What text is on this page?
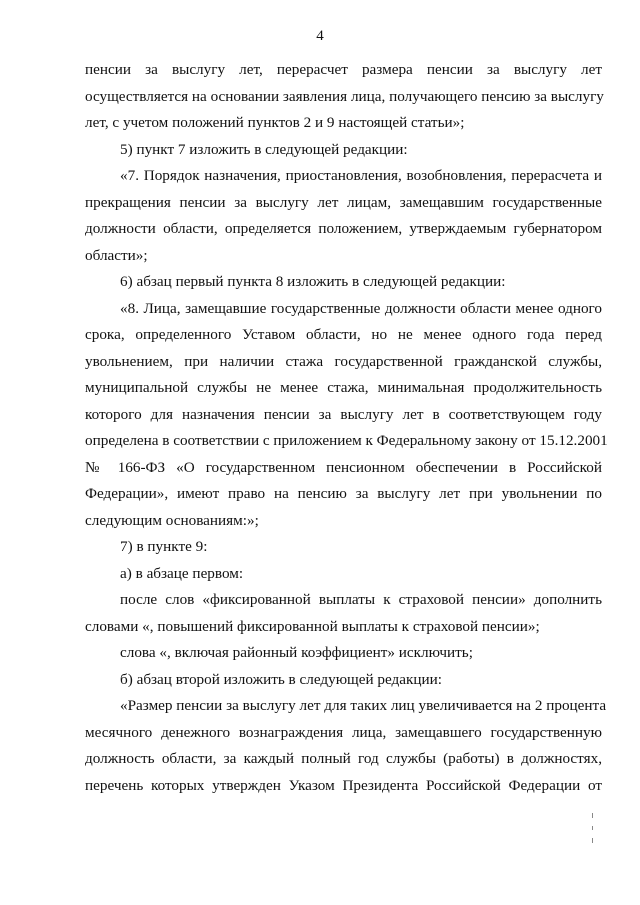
4
пенсии за выслугу лет, перерасчет размера пенсии за выслугу лет
осуществляется на основании заявления лица, получающего пенсию за выслугу
лет, с учетом положений пунктов 2 и 9 настоящей статьи»;
5) пункт 7 изложить в следующей редакции:
«7. Порядок назначения, приостановления, возобновления, перерасчета и
прекращения пенсии за выслугу лет лицам, замещавшим государственные
должности области, определяется положением, утверждаемым губернатором
области»;
6) абзац первый пункта 8 изложить в следующей редакции:
«8. Лица, замещавшие государственные должности области менее одного
срока, определенного Уставом области, но не менее одного года перед
увольнением, при наличии стажа государственной гражданской службы,
муниципальной службы не менее стажа, минимальная продолжительность
которого для назначения пенсии за выслугу лет в соответствующем году
определена в соответствии с приложением к Федеральному закону от 15.12.2001
№ 166-ФЗ «О государственном пенсионном обеспечении в Российской
Федерации», имеют право на пенсию за выслугу лет при увольнении по
следующим основаниям:»;
7) в пункте 9:
а) в абзаце первом:
после слов «фиксированной выплаты к страховой пенсии» дополнить
словами «, повышений фиксированной выплаты к страховой пенсии»;
слова «, включая районный коэффициент» исключить;
б) абзац второй изложить в следующей редакции:
«Размер пенсии за выслугу лет для таких лиц увеличивается на 2 процента
месячного денежного вознаграждения лица, замещавшего государственную
должность области, за каждый полный год службы (работы) в должностях,
перечень которых утвержден Указом Президента Российской Федерации от
